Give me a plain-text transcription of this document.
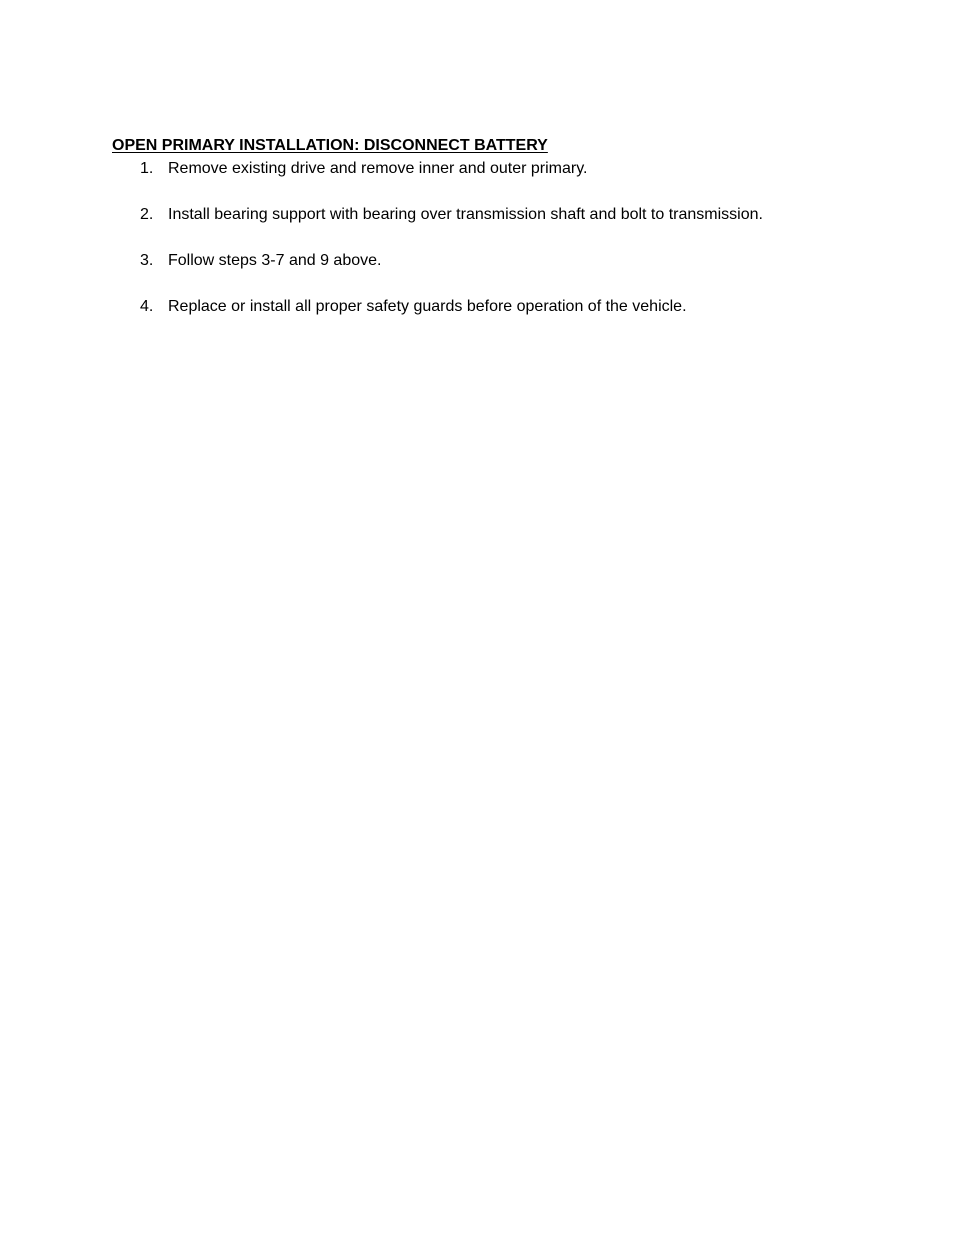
OPEN PRIMARY INSTALLATION: DISCONNECT BATTERY
1. Remove existing drive and remove inner and outer primary.
2. Install bearing support with bearing over transmission shaft and bolt to transmission.
3. Follow steps 3-7 and 9 above.
4. Replace or install all proper safety guards before operation of the vehicle.
